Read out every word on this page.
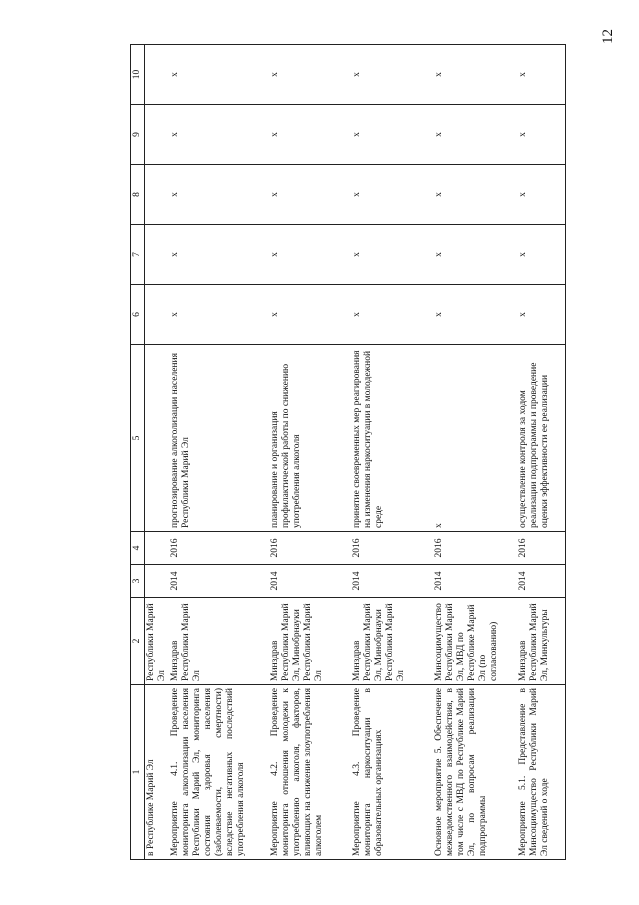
12
1	2	3	4	5	6	7	8	9	10
в Республике Марий Эл	Республики Марий Эл								
Мероприятие 4.1. Проведение мониторинга алкоголизации населения Республики Марий Эл, мониторинга состояния здоровья населения (заболеваемости, смертности) вследствие негативных последствий употребления алкоголя	Минздрав Республики Марий Эл	2014	2016	прогнозирование алкоголизации населения Республики Марий Эл	х	х	х	х	х
Мероприятие 4.2. Проведение мониторинга отношения молодежи к употреблению алкоголя, факторов, влияющих на снижение злоупотребления алкоголем	Минздрав Республики Марий Эл, Минобрнауки Республики Марий Эл	2014	2016	планирование и организация профилактической работы по снижению употребления алкоголя	х	х	х	х	х
Мероприятие 4.3. Проведение мониторинга наркоситуации в образовательных организациях	Минздрав Республики Марий Эл, Минобрнауки Республики Марий Эл	2014	2016	принятие своевременных мер реагирования на изменения наркоситуации в молодежной среде	х	х	х	х	х
Основное мероприятие 5. Обеспечение межведомственного взаимодействия, в том числе с МВД по Республике Марий Эл, по вопросам реализации подпрограммы	Минсоцимущество Республики Марий Эл, МВД по Республике Марий Эл (по согласованию)	2014	2016	х	х	х	х	х	х
Мероприятие 5.1. Представление в Минсоцимущество Республики Марий Эл сведений о ходе	Минздрав Республики Марий Эл, Минкультуры	2014	2016	осуществление контроля за ходом реализации подпрограммы и проведение оценки эффективности ее реализации	х	х	х	х	х
